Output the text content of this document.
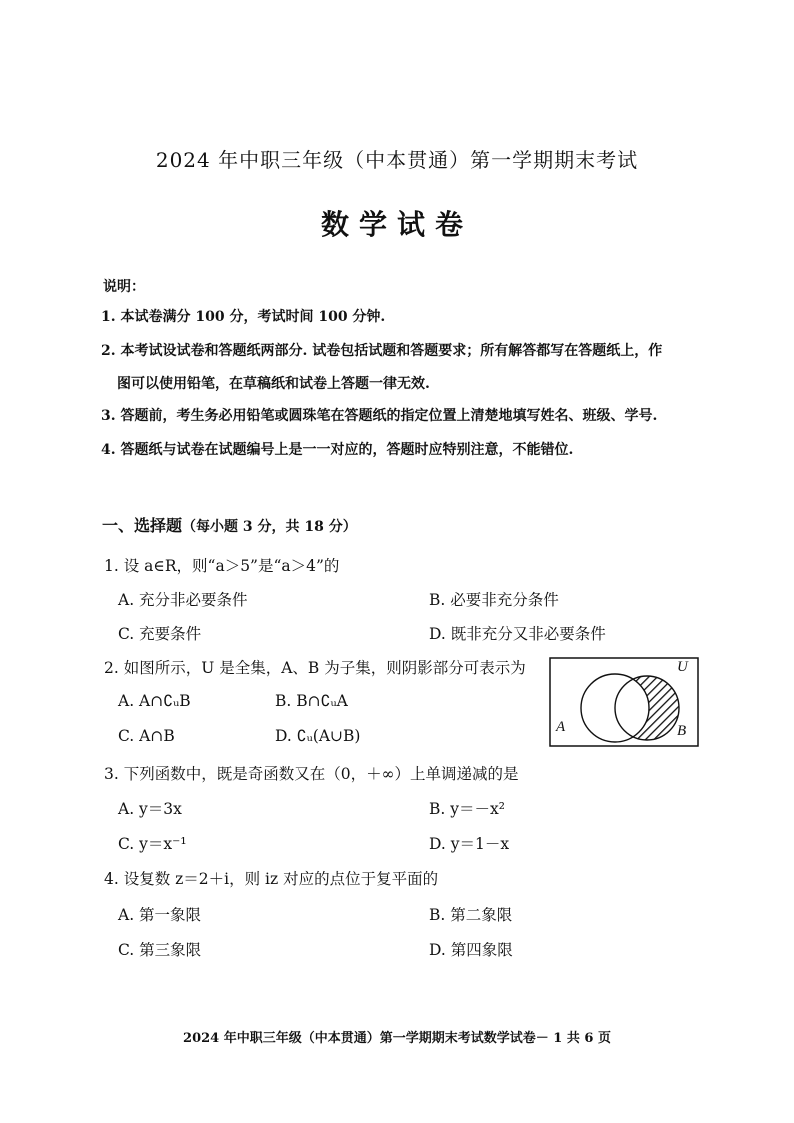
2024 年中职三年级（中本贯通）第一学期期末考试
数学试卷
说明：
1. 本试卷满分 100 分，考试时间 100 分钟.
2. 本考试设试卷和答题纸两部分. 试卷包括试题和答题要求；所有解答都写在答题纸上，作
图可以使用铅笔，在草稿纸和试卷上答题一律无效.
3. 答题前，考生务必用铅笔或圆珠笔在答题纸的指定位置上清楚地填写姓名、班级、学号.
4. 答题纸与试卷在试题编号上是一一对应的，答题时应特别注意，不能错位.
一、选择题（每小题 3 分，共 18 分）
1. 设 a∈R，则“a＞5”是“a＞4”的
A. 充分非必要条件	B. 必要非充分条件
C. 充要条件	D. 既非充分又非必要条件
2. 如图所示，U 是全集，A、B 为子集，则阴影部分可表示为
A. A∩∁ᵤB	B. B∩∁ᵤA
C. A∩B	D. ∁ᵤ(A∪B)
U
A	B
3. 下列函数中，既是奇函数又在（0，＋∞）上单调递减的是
A. y＝3x	B. y＝－x²
C. y＝x⁻¹	D. y＝1－x
4. 设复数 z＝2＋i，则 iz 对应的点位于复平面的
A. 第一象限	B. 第二象限
C. 第三象限	D. 第四象限
2024 年中职三年级（中本贯通）第一学期期末考试数学试卷－ 1 共 6 页
